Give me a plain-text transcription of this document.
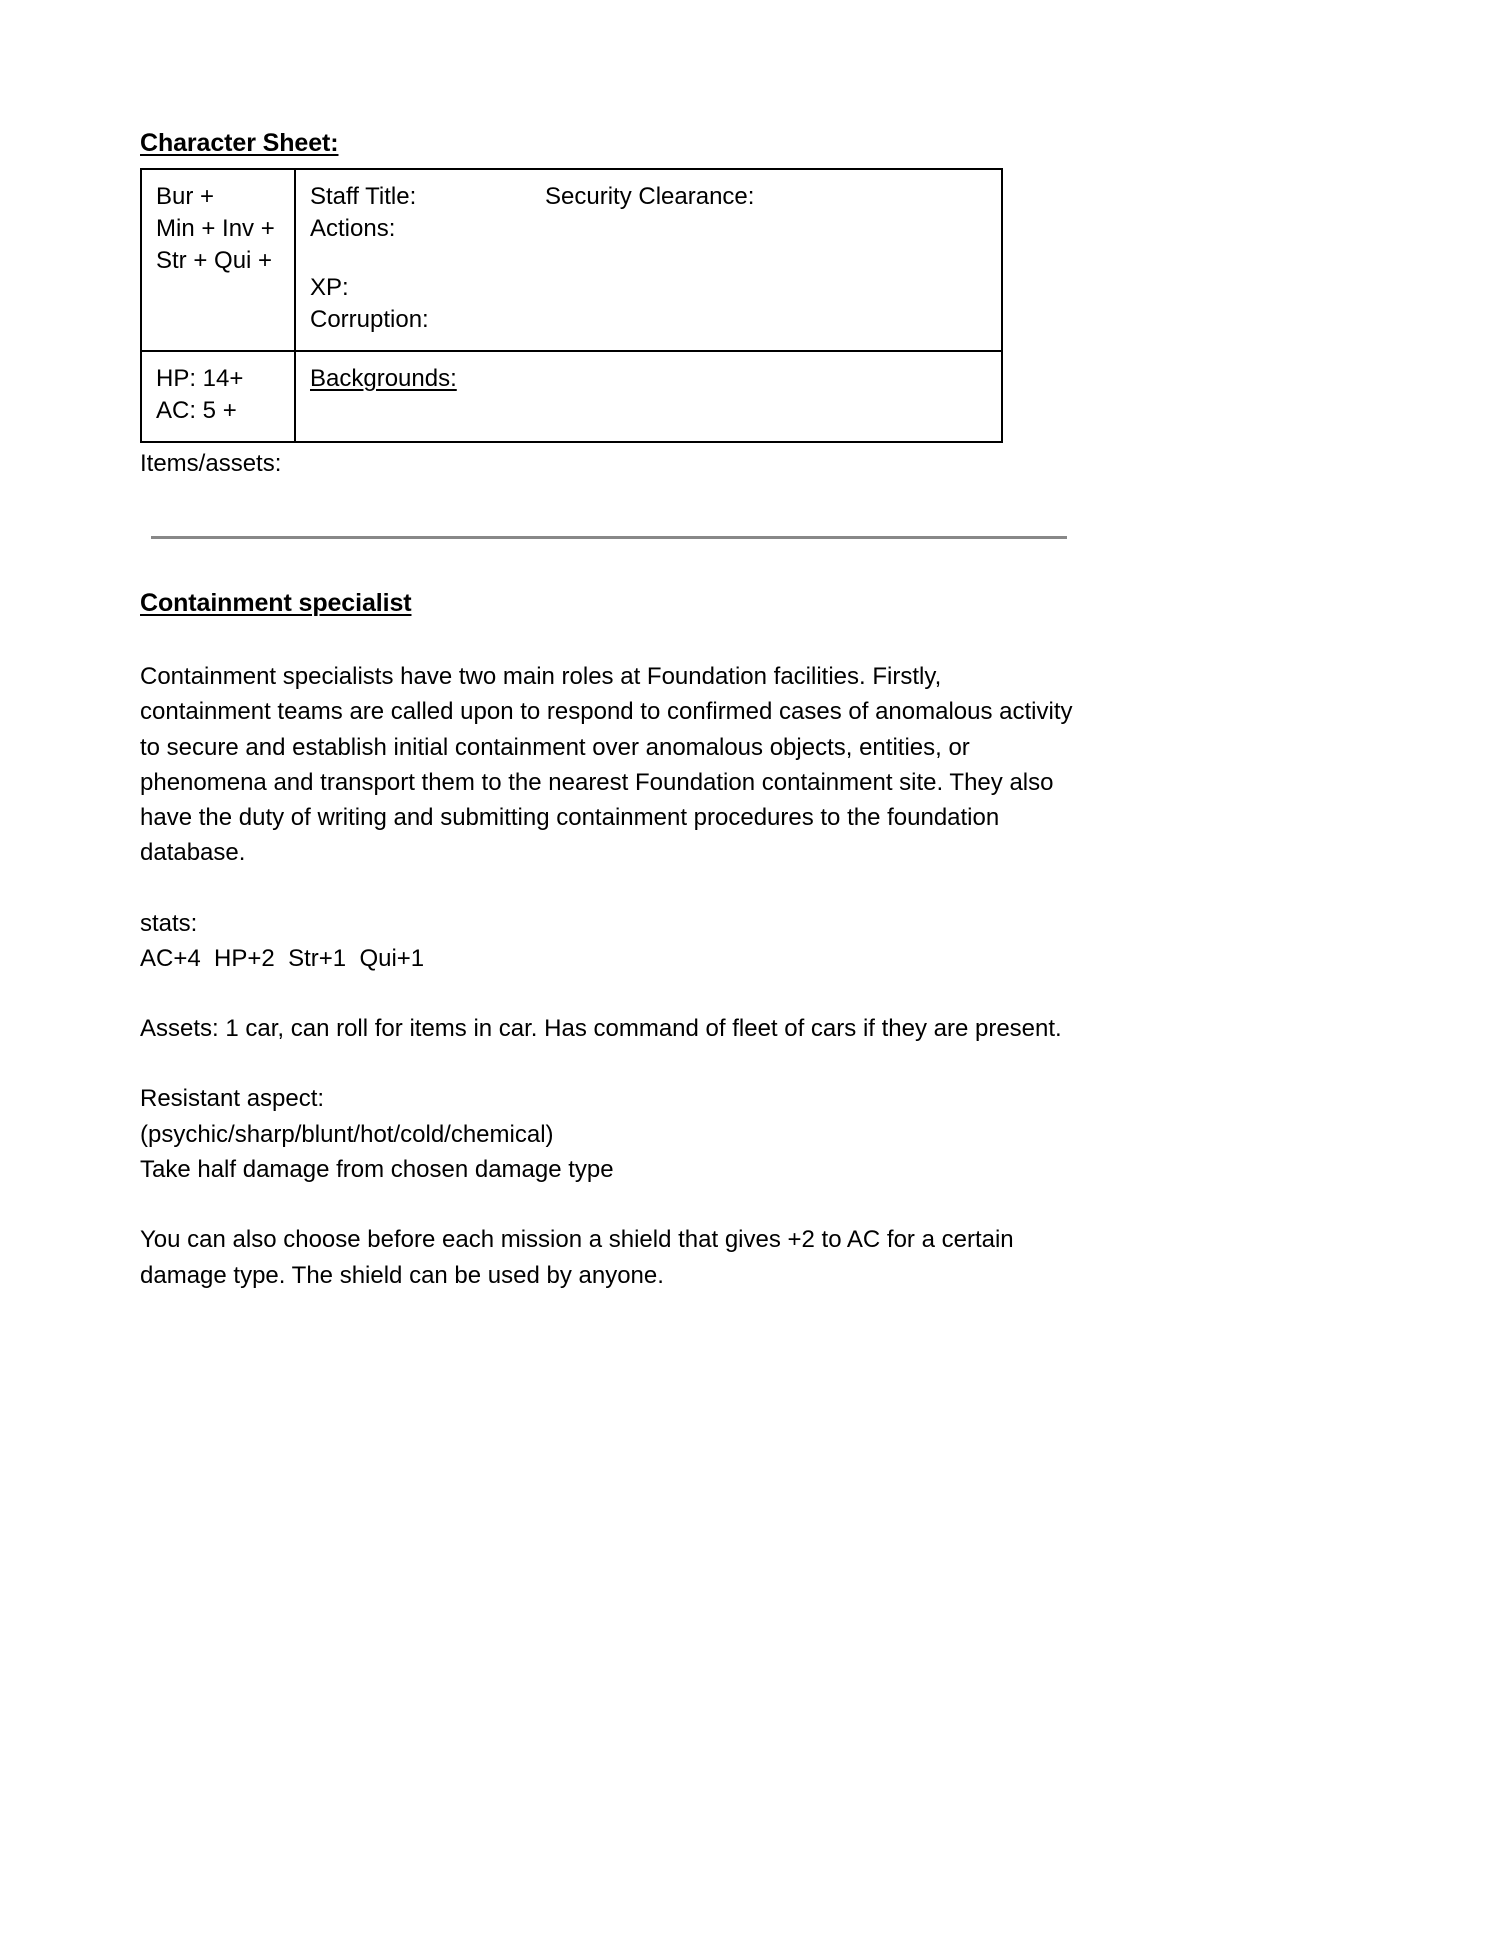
Character Sheet:
Bur + Min + Inv + Str + Qui +	Staff Title: Security Clearance:
Actions:
XP:
Corruption:

HP: 14+ AC: 5 +	Backgrounds:

Items/assets:

Containment specialist

Containment specialists have two main roles at Foundation facilities. Firstly, containment teams are called upon to respond to confirmed cases of anomalous activity to secure and establish initial containment over anomalous objects, entities, or phenomena and transport them to the nearest Foundation containment site. They also have the duty of writing and submitting containment procedures to the foundation database.

stats:
AC+4  HP+2  Str+1  Qui+1

Assets: 1 car, can roll for items in car. Has command of fleet of cars if they are present.

Resistant aspect:
(psychic/sharp/blunt/hot/cold/chemical)
Take half damage from chosen damage type

You can also choose before each mission a shield that gives +2 to AC for a certain damage type. The shield can be used by anyone.
